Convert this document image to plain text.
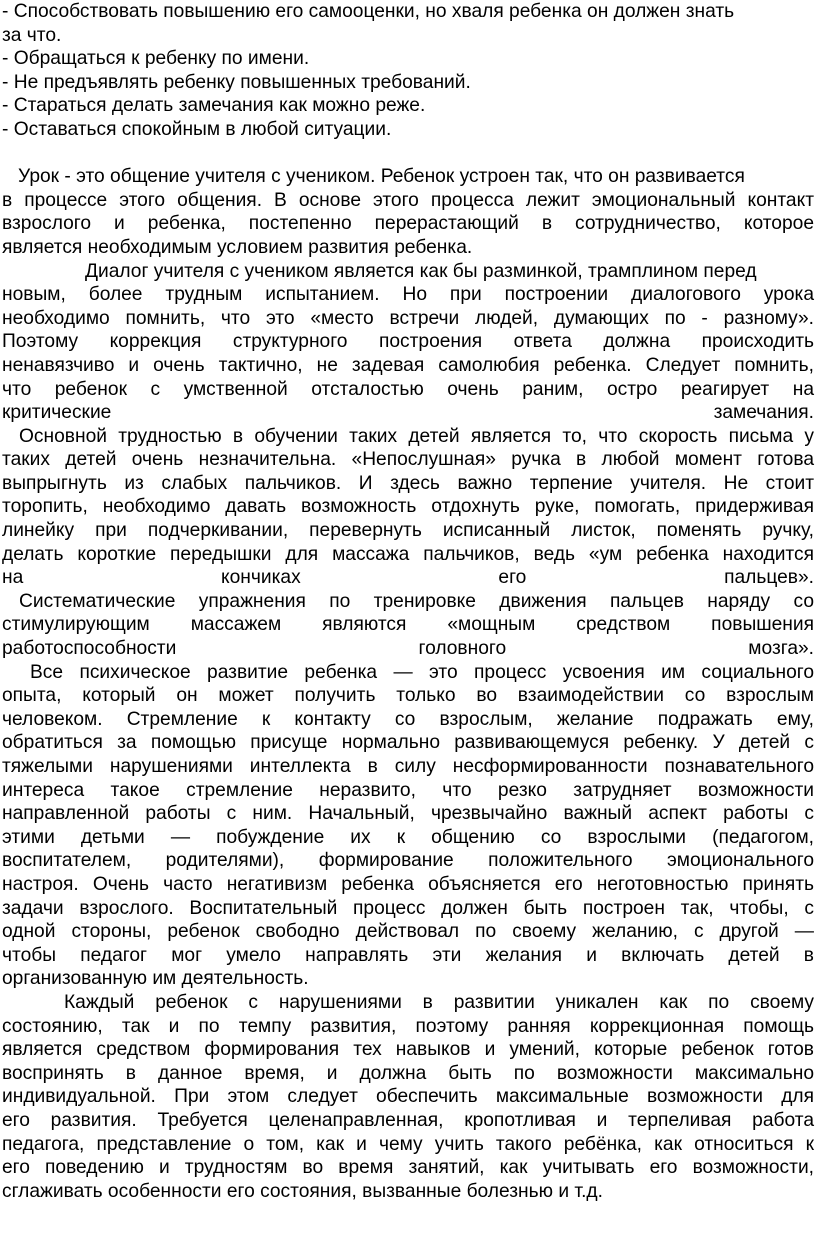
- Способствовать повышению его самооценки, но хваля ребенка он должен знать
за что.
- Обращаться к ребенку по имени.
- Не предъявлять ребенку повышенных требований.
- Стараться делать замечания как можно реже.
- Оставаться спокойным в любой ситуации.
Урок - это общение учителя с учеником. Ребенок устроен так, что он развивается
в процессе этого общения. В основе этого процесса лежит эмоциональный контакт
взрослого и ребенка, постепенно перерастающий в сотрудничество, которое
является необходимым условием развития ребенка.
Диалог учителя с учеником является как бы разминкой, трамплином перед
новым, более трудным испытанием. Но при построении диалогового урока
необходимо помнить, что это «место встречи людей, думающих по - разному».
Поэтому коррекция структурного построения ответа должна происходить
ненавязчиво и очень тактично, не задевая самолюбия ребенка. Следует помнить,
что ребенок с умственной отсталостью очень раним, остро реагирует на
критические замечания.
Основной трудностью в обучении таких детей является то, что скорость письма у
таких детей очень незначительна. «Непослушная» ручка в любой момент готова
выпрыгнуть из слабых пальчиков. И здесь важно терпение учителя. Не стоит
торопить, необходимо давать возможность отдохнуть руке, помогать, придерживая
линейку при подчеркивании, перевернуть исписанный листок, поменять ручку,
делать короткие передышки для массажа пальчиков, ведь «ум ребенка находится
на кончиках его пальцев».
Систематические упражнения по тренировке движения пальцев наряду со
стимулирующим массажем являются «мощным средством повышения
работоспособности головного мозга».
Все психическое развитие ребенка — это процесс усвоения им социального
опыта, который он может получить только во взаимодействии со взрослым
человеком. Стремление к контакту со взрослым, желание подражать ему,
обратиться за помощью присуще нормально развивающемуся ребенку. У детей с
тяжелыми нарушениями интеллекта в силу несформированности познавательного
интереса такое стремление неразвито, что резко затрудняет возможности
направленной работы с ним. Начальный, чрезвычайно важный аспект работы с
этими детьми — побуждение их к общению со взрослыми (педагогом,
воспитателем, родителями), формирование положительного эмоционального
настроя. Очень часто негативизм ребенка объясняется его неготовностью принять
задачи взрослого. Воспитательный процесс должен быть построен так, чтобы, с
одной стороны, ребенок свободно действовал по своему желанию, с другой —
чтобы педагог мог умело направлять эти желания и включать детей в
организованную им деятельность.
Каждый ребенок с нарушениями в развитии уникален как по своему
состоянию, так и по темпу развития, поэтому ранняя коррекционная помощь
является средством формирования тех навыков и умений, которые ребенок готов
воспринять в данное время, и должна быть по возможности максимально
индивидуальной. При этом следует обеспечить максимальные возможности для
его развития. Требуется целенаправленная, кропотливая и терпеливая работа
педагога, представление о том, как и чему учить такого ребёнка, как относиться к
его поведению и трудностям во время занятий, как учитывать его возможности,
сглаживать особенности его состояния, вызванные болезнью и т.д.
